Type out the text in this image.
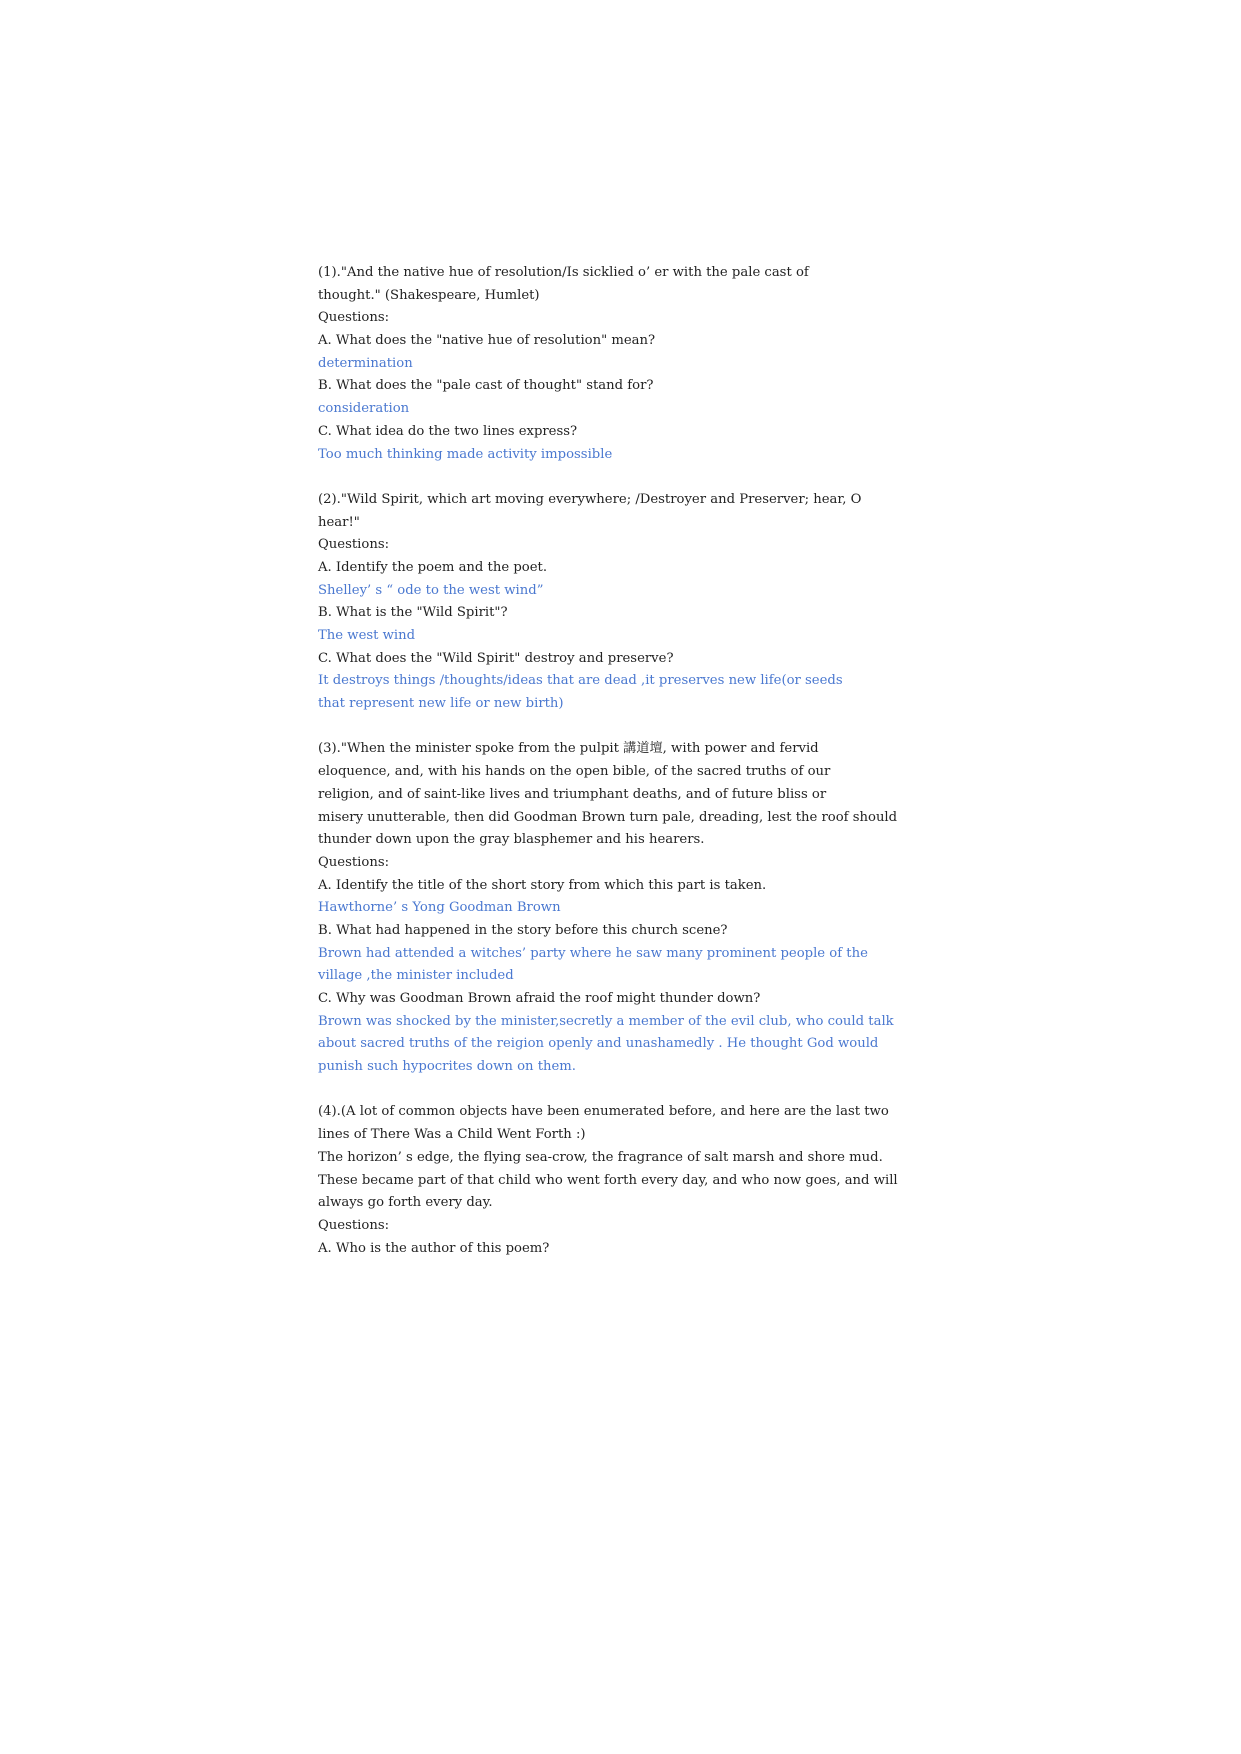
(1)."And the native hue of resolution/Is sicklied o’ er with the pale cast of
thought." (Shakespeare, Humlet)
Questions:
A. What does the "native hue of resolution" mean?
determination
B. What does the "pale cast of thought" stand for?
consideration
C. What idea do the two lines express?
Too much thinking made activity impossible
(2)."Wild Spirit, which art moving everywhere; /Destroyer and Preserver; hear, O
hear!"
Questions:
A. Identify the poem and the poet.
Shelley’ s “ ode to the west wind”
B. What is the "Wild Spirit"?
The west wind
C. What does the "Wild Spirit" destroy and preserve?
It destroys things /thoughts/ideas that are dead ,it preserves new life(or seeds
that represent new life or new birth)
(3)."When the minister spoke from the pulpit 講道壇, with power and fervid
eloquence, and, with his hands on the open bible, of the sacred truths of our
religion, and of saint-like lives and triumphant deaths, and of future bliss or
misery unutterable, then did Goodman Brown turn pale, dreading, lest the roof should
thunder down upon the gray blasphemer and his hearers.
Questions:
A. Identify the title of the short story from which this part is taken.
Hawthorne’ s Yong Goodman Brown
B. What had happened in the story before this church scene?
Brown had attended a witches’ party where he saw many prominent people of the
village ,the minister included
C. Why was Goodman Brown afraid the roof might thunder down?
Brown was shocked by the minister,secretly a member of the evil club, who could talk
about sacred truths of the reigion openly and unashamedly . He thought God would
punish such hypocrites down on them.
(4).(A lot of common objects have been enumerated before, and here are the last two
lines of There Was a Child Went Forth :)
The horizon’ s edge, the flying sea-crow, the fragrance of salt marsh and shore mud.
These became part of that child who went forth every day, and who now goes, and will
always go forth every day.
Questions:
A. Who is the author of this poem?
